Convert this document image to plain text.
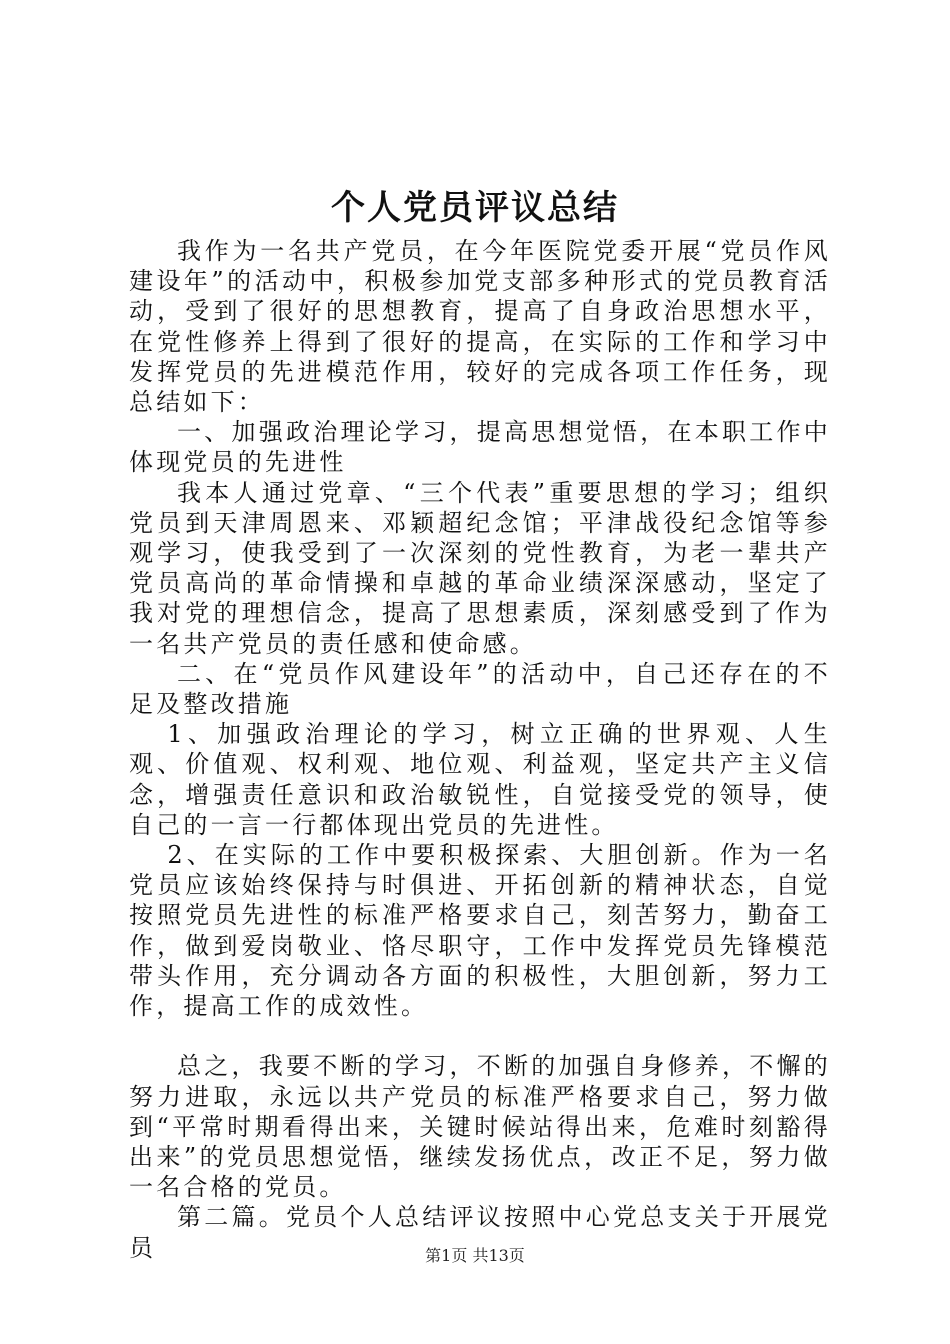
个人党员评议总结

我作为一名共产党员，在今年医院党委开展“党员作风建设年”的活动中，积极参加党支部多种形式的党员教育活动，受到了很好的思想教育，提高了自身政治思想水平，在党性修养上得到了很好的提高，在实际的工作和学习中发挥党员的先进模范作用，较好的完成各项工作任务，现总结如下：

一、加强政治理论学习，提高思想觉悟，在本职工作中体现党员的先进性

我本人通过党章、“三个代表”重要思想的学习；组织党员到天津周恩来、邓颖超纪念馆；平津战役纪念馆等参观学习，使我受到了一次深刻的党性教育，为老一辈共产党员高尚的革命情操和卓越的革命业绩深深感动，坚定了我对党的理想信念，提高了思想素质，深刻感受到了作为一名共产党员的责任感和使命感。

二、在“党员作风建设年”的活动中，自己还存在的不足及整改措施

1、加强政治理论的学习，树立正确的世界观、人生观、价值观、权利观、地位观、利益观，坚定共产主义信念，增强责任意识和政治敏锐性，自觉接受党的领导，使自己的一言一行都体现出党员的先进性。

2、在实际的工作中要积极探索、大胆创新。作为一名党员应该始终保持与时俱进、开拓创新的精神状态，自觉按照党员先进性的标准严格要求自己，刻苦努力，勤奋工作，做到爱岗敬业、恪尽职守，工作中发挥党员先锋模范带头作用，充分调动各方面的积极性，大胆创新，努力工作，提高工作的成效性。

总之，我要不断的学习，不断的加强自身修养，不懈的努力进取，永远以共产党员的标准严格要求自己，努力做到“平常时期看得出来，关键时候站得出来，危难时刻豁得出来”的党员思想觉悟，继续发扬优点，改正不足，努力做一名合格的党员。

第二篇。党员个人总结评议按照中心党总支关于开展党员	第1页 共13页
